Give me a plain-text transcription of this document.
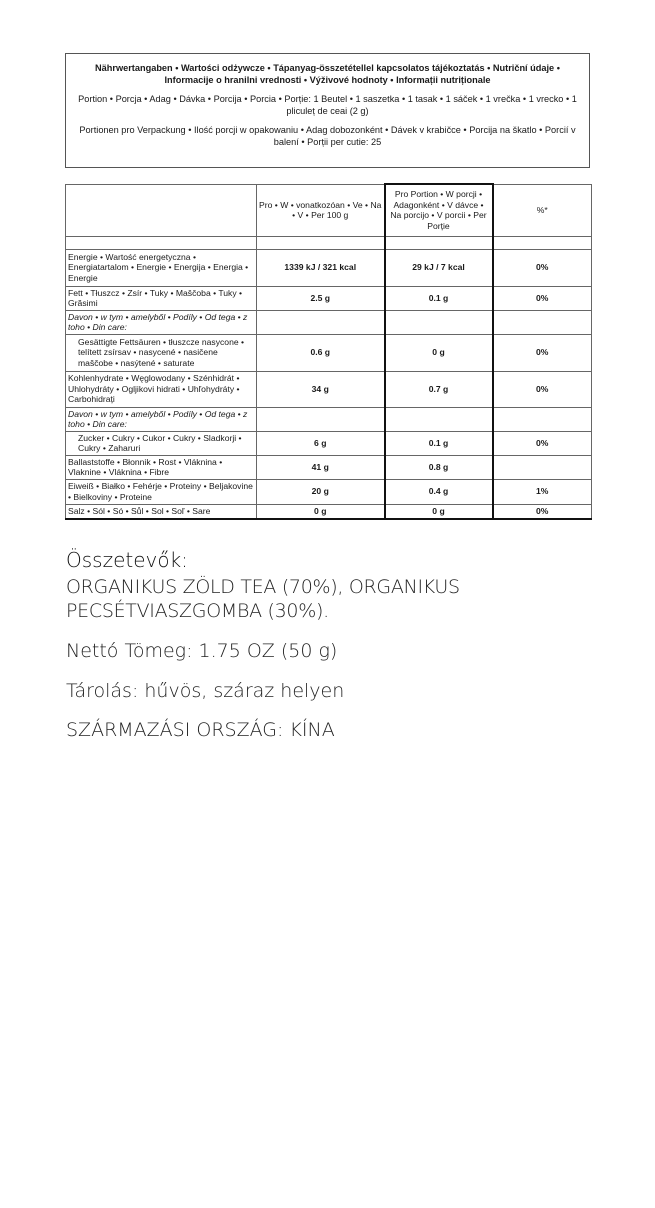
Nährwertangaben • Wartości odżywcze • Tápanyag-összetétellel kapcsolatos tájékoztatás • Nutriční údaje • Informacije o hranilni vrednosti • Výživové hodnoty • Informații nutriționale

Portion • Porcja • Adag • Dávka • Porcija • Porcia • Porție: 1 Beutel • 1 saszetka • 1 tasak • 1 sáček • 1 vrečka • 1 vrecko • 1 pliculeț de ceai (2 g)

Portionen pro Verpackung • Ilość porcji w opakowaniu • Adag dobozonként • Dávek v krabičce • Porcija na škatlo • Porcií v balení • Porții per cutie: 25

	Pro • W • vonatkozóan • Ve • Na • V • Per 100 g	Pro Portion • W porcji • Adagonként • V dávce • Na porcijo • V porcii • Per Porție	%*

Energie • Wartość energetyczna • Energiatartalom • Energie • Energija • Energia • Energie	1339 kJ / 321 kcal	29 kJ / 7 kcal	0%
Fett • Tłuszcz • Zsír • Tuky • Maščoba • Tuky • Grăsimi	2.5 g	0.1 g	0%
Davon • w tym • amelyből • Podíly • Od tega • z toho • Din care:			
Gesättigte Fettsäuren • tłuszcze nasycone • telített zsírsav • nasycené • nasičene maščobe • nasýtené • saturate	0.6 g	0 g	0%
Kohlenhydrate • Węglowodany • Szénhidrát • Uhlohydráty • Ogljikovi hidrati • Uhľohydráty • Carbohidrați	34 g	0.7 g	0%
Davon • w tym • amelyből • Podíly • Od tega • z toho • Din care:			
Zucker • Cukry • Cukor • Cukry • Sladkorji • Cukry • Zaharuri	6 g	0.1 g	0%
Ballaststoffe • Błonnik • Rost • Vláknina • Vlaknine • Vláknina • Fibre	41 g	0.8 g	
Eiweiß • Białko • Fehérje • Proteiny • Beljakovine • Bielkoviny • Proteine	20 g	0.4 g	1%
Salz • Sól • Só • Sůl • Sol • Soľ • Sare	0 g	0 g	0%
Összetevők:
ORGANIKUS ZÖLD TEA (70%), ORGANIKUS PECSÉTVIASZGOMBA (30%).
Nettó Tömeg: 1.75 OZ (50 g)
Tárolás: hűvös, száraz helyen
SZÁRMAZÁSI ORSZÁG: KÍNA
